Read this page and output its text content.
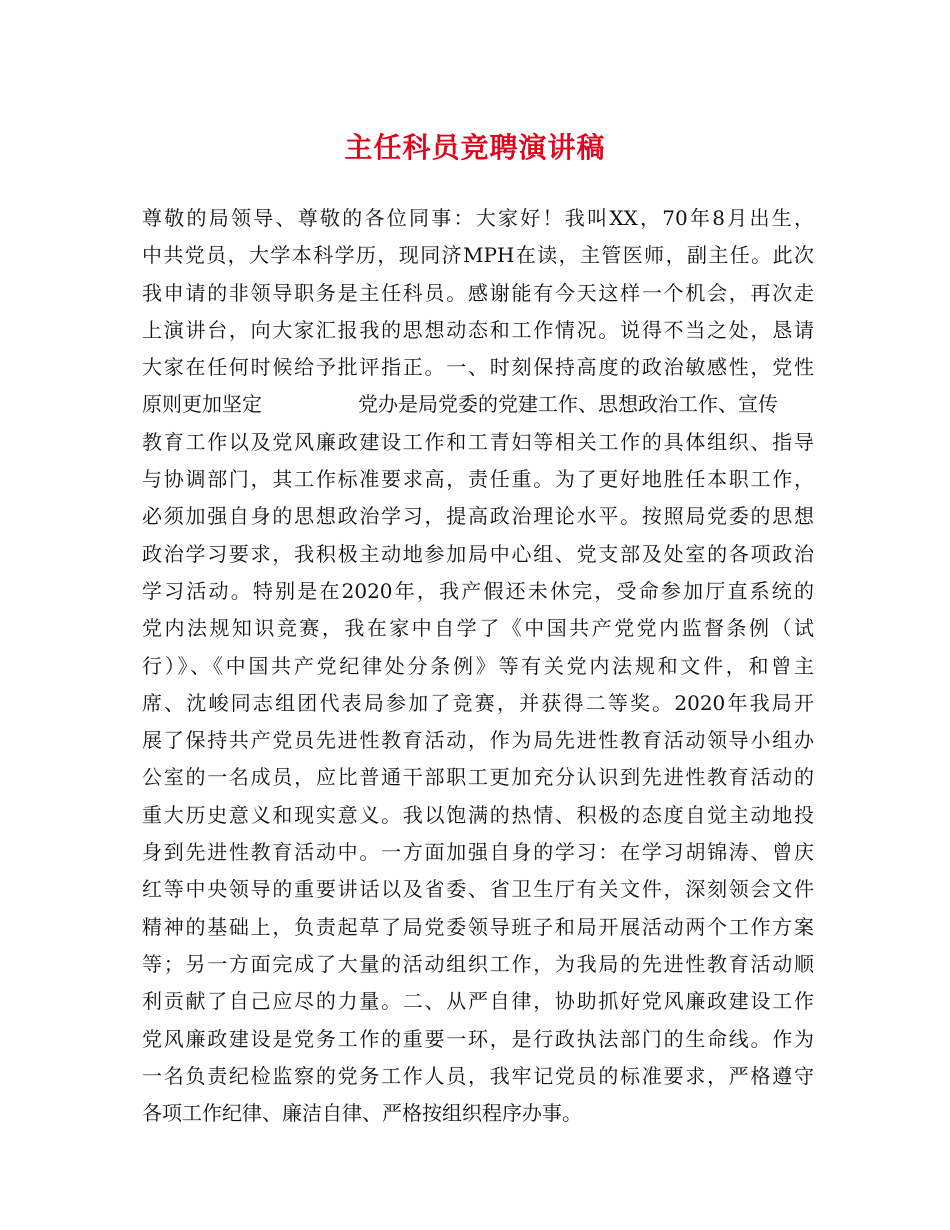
主任科员竞聘演讲稿
尊敬的局领导、尊敬的各位同事：大家好！我叫XX，70年8月出生，
中共党员，大学本科学历，现同济MPH在读，主管医师，副主任。此次
我申请的非领导职务是主任科员。感谢能有今天这样一个机会，再次走
上演讲台，向大家汇报我的思想动态和工作情况。说得不当之处，恳请
大家在任何时候给予批评指正。一、时刻保持高度的政治敏感性，党性
原则更加坚定	党办是局党委的党建工作、思想政治工作、宣传
教育工作以及党风廉政建设工作和工青妇等相关工作的具体组织、指导
与协调部门，其工作标准要求高，责任重。为了更好地胜任本职工作，
必须加强自身的思想政治学习，提高政治理论水平。按照局党委的思想
政治学习要求，我积极主动地参加局中心组、党支部及处室的各项政治
学习活动。特别是在2020年，我产假还未休完，受命参加厅直系统的
党内法规知识竞赛，我在家中自学了《中国共产党党内监督条例（试
行）》、《中国共产党纪律处分条例》等有关党内法规和文件，和曾主
席、沈峻同志组团代表局参加了竞赛，并获得二等奖。2020年我局开
展了保持共产党员先进性教育活动，作为局先进性教育活动领导小组办
公室的一名成员，应比普通干部职工更加充分认识到先进性教育活动的
重大历史意义和现实意义。我以饱满的热情、积极的态度自觉主动地投
身到先进性教育活动中。一方面加强自身的学习：在学习胡锦涛、曾庆
红等中央领导的重要讲话以及省委、省卫生厅有关文件，深刻领会文件
精神的基础上，负责起草了局党委领导班子和局开展活动两个工作方案
等；另一方面完成了大量的活动组织工作，为我局的先进性教育活动顺
利贡献了自己应尽的力量。二、从严自律，协助抓好党风廉政建设工作
党风廉政建设是党务工作的重要一环，是行政执法部门的生命线。作为
一名负责纪检监察的党务工作人员，我牢记党员的标准要求，严格遵守
各项工作纪律、廉洁自律、严格按组织程序办事。
